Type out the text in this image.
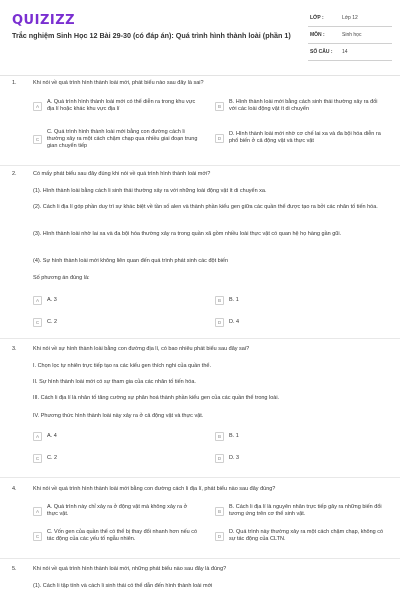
QUIZIZZ
Trắc nghiệm Sinh Học 12 Bài 29-30 (có đáp án): Quá trình hình thành loài (phần 1)
LỚP :	Lớp 12
MÔN :	Sinh học
SỐ CÂU :	14
1.	Khi nói về quá trình hình thành loài mới, phát biểu nào sau đây là sai?
A
A. Quá trình hình thành loài mới có thể diễn ra trong khu vực địa lí hoặc khác khu vực địa lí	B
B. Hình thành loài mới bằng cách sinh thái thường xảy ra đối với các loài động vật ít di chuyển
C
C. Quá trình hình thành loài mới bằng con đường cách li thường xảy ra một cách chậm chạp qua nhiều giai đoạn trung gian chuyển tiếp
D
D. Hình thành loài mới nhờ cơ chế lai xa và đa bội hóa diễn ra phổ biến ở cả động vật và thực vật
2.	Có mấy phát biểu sau đây đúng khi nói về quá trình hình thành loài mới?
(1). Hình thành loài bằng cách li sinh thái thường xảy ra với những loài động vật ít di chuyển xa.
(2). Cách li địa lí góp phần duy trì sự khác biệt về tần số alen và thành phần kiểu gen giữa các quần thể được tạo ra bởi các nhân tố tiến hóa.
(3). Hình thành loài nhờ lai xa và đa bội hóa thường xảy ra trong quần xã gồm nhiều loài thực vật có quan hệ họ hàng gần gũi.
(4). Sự hình thành loài mới không liên quan đến quá trình phát sinh các đột biến
Số phương án đúng là:
A	A. 3	B	B. 1
C	C. 2	D	D. 4
3.	Khi nói về sự hình thành loài bằng con đường địa lí, có bao nhiêu phát biểu sau đây sai?
I. Chọn lọc tự nhiên trực tiếp tạo ra các kiểu gen thích nghi của quần thể.
II. Sự hình thành loài mới có sự tham gia của các nhân tố tiến hóa.
III. Cách li địa lí là nhân tố tăng cường sự phân hoá thành phần kiểu gen của các quần thể trong loài.
IV. Phương thức hình thành loài này xảy ra ở cả động vật và thực vật.
A	A. 4	B	B. 1
C	C. 2	D	D. 3
4.	Khi nói về quá trình hình thành loài mới bằng con đường cách li địa lí, phát biểu nào sau đây đúng?
A
A. Quá trình này chỉ xảy ra ở động vật mà không xảy ra ở thực vật.	B
B. Cách li địa lí là nguyên nhân trực tiếp gây ra những biến đổi tương ứng trên cơ thể sinh vật.
C
C. Vốn gen của quần thể có thể bị thay đổi nhanh hơn nếu có tác động của các yếu tố ngẫu nhiên.	D
D. Quá trình này thường xảy ra một cách chậm chạp, không có sự tác động của CLTN.
5.	Khi nói về quá trình hình thành loài mới, những phát biểu nào sau đây là đúng?
(1). Cách li tập tính và cách li sinh thái có thể dẫn đến hình thành loài mới
